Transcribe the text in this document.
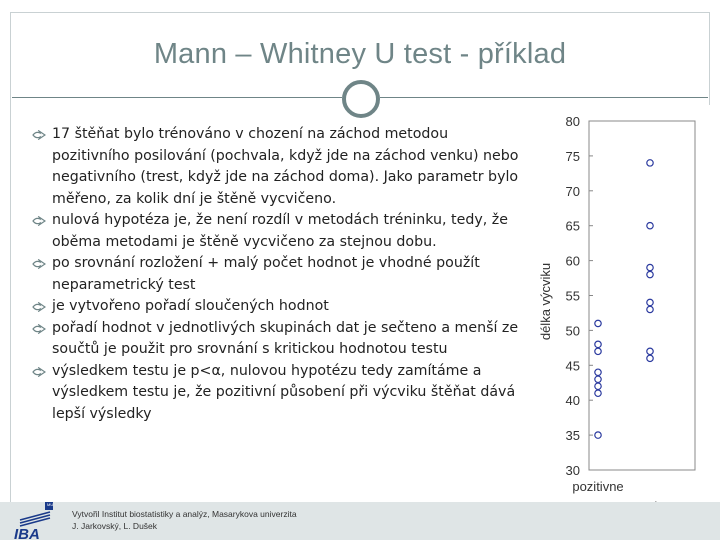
Mann – Whitney U test - příklad
17 štěňat bylo trénováno v chození na záchod metodou pozitivního posilování (pochvala, když jde na záchod venku) nebo negativního (trest, když jde na záchod doma). Jako parametr bylo měřeno, za kolik dní je štěně vycvičeno.
nulová hypotéza je, že není rozdíl v metodách tréninku, tedy, že oběma metodami je štěně vycvičeno za stejnou dobu.
po srovnání rozložení + malý počet hodnot je vhodné použít neparametrický test
je vytvořeno pořadí sloučených hodnot
pořadí hodnot v jednotlivých skupinách dat je sečteno a menší ze součtů je použit pro srovnání s kritickou hodnotou testu
výsledkem testu je p<α, nulovou hypotézu tedy zamítáme a výsledkem testu je, že pozitivní působení při výcviku štěňat dává lepší výsledky
30
35
40
45
50
55
60
65
70
75
80
délka výcviku
pozitivne
MU
IBA
Vytvořil Institut biostatistiky a analýz, Masarykova univerzita
J. Jarkovský, L. Dušek
